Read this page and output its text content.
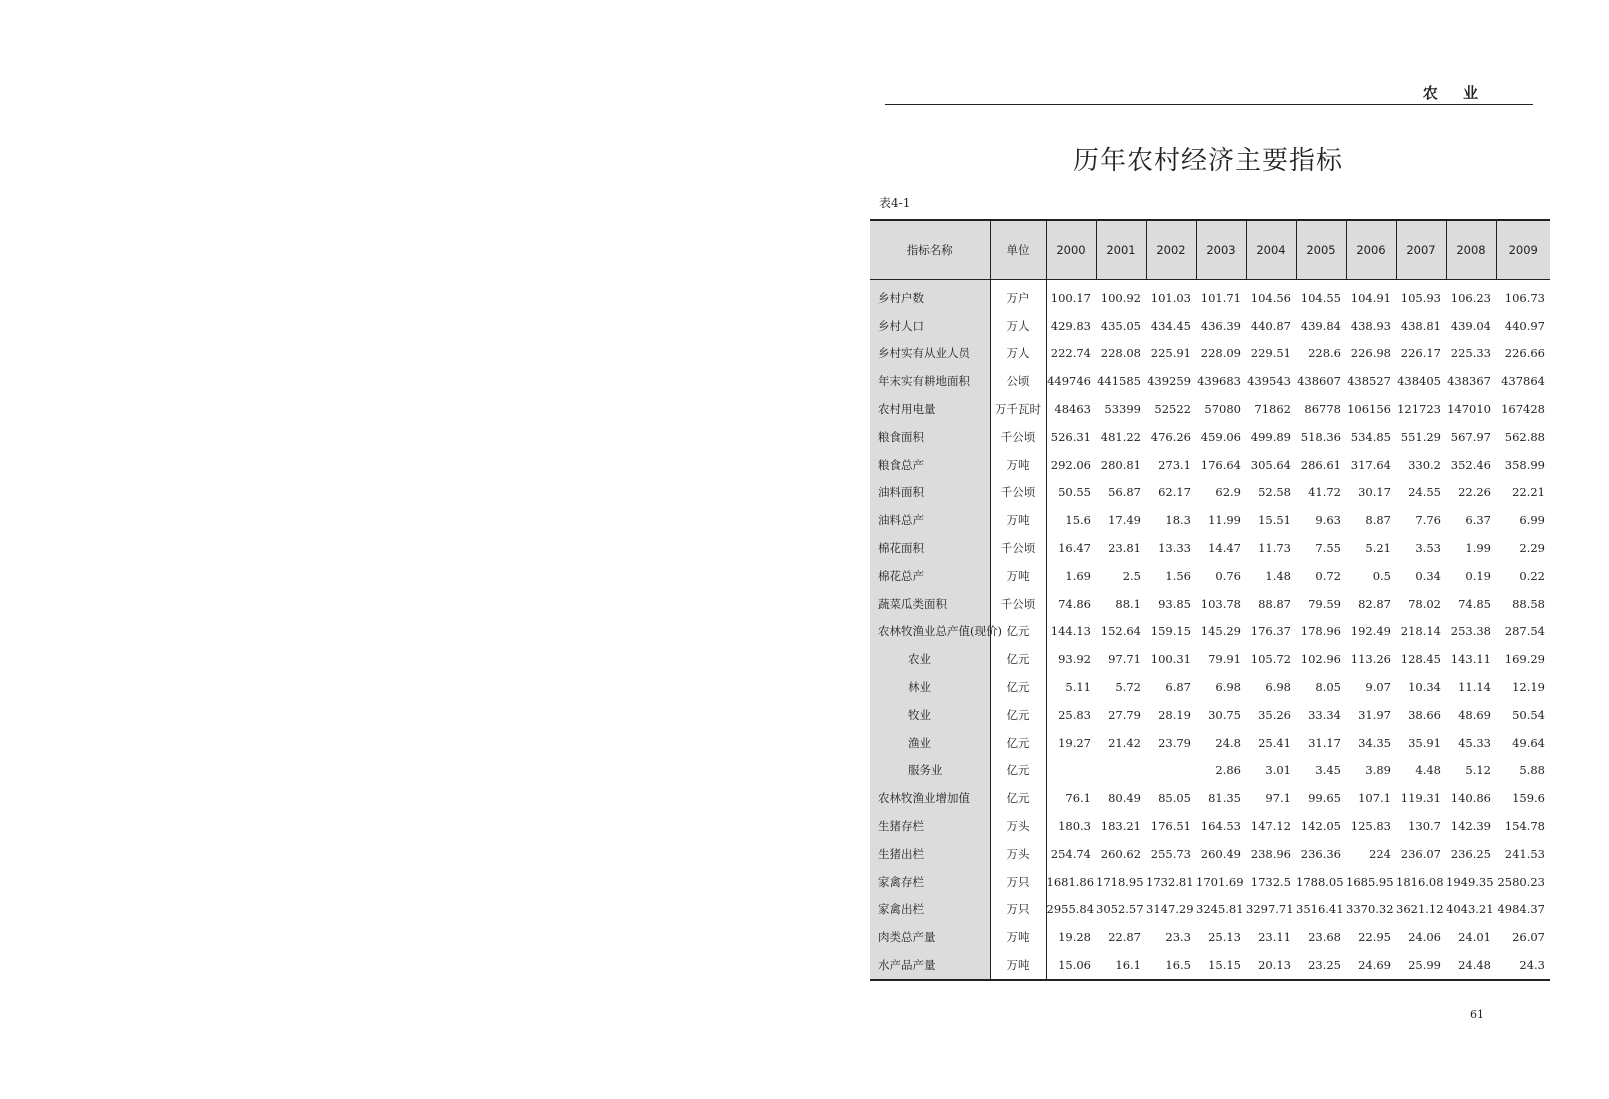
农 业
历年农村经济主要指标
表4-1
指标名称	单位	2000	2001	2002	2003	2004	2005	2006	2007	2008	2009
乡村户数	万户	100.17	100.92	101.03	101.71	104.56	104.55	104.91	105.93	106.23	106.73
乡村人口	万人	429.83	435.05	434.45	436.39	440.87	439.84	438.93	438.81	439.04	440.97
乡村实有从业人员	万人	222.74	228.08	225.91	228.09	229.51	228.6	226.98	226.17	225.33	226.66
年末实有耕地面积	公顷	449746	441585	439259	439683	439543	438607	438527	438405	438367	437864
农村用电量	万千瓦时	48463	53399	52522	57080	71862	86778	106156	121723	147010	167428
粮食面积	千公顷	526.31	481.22	476.26	459.06	499.89	518.36	534.85	551.29	567.97	562.88
粮食总产	万吨	292.06	280.81	273.1	176.64	305.64	286.61	317.64	330.2	352.46	358.99
油料面积	千公顷	50.55	56.87	62.17	62.9	52.58	41.72	30.17	24.55	22.26	22.21
油料总产	万吨	15.6	17.49	18.3	11.99	15.51	9.63	8.87	7.76	6.37	6.99
棉花面积	千公顷	16.47	23.81	13.33	14.47	11.73	7.55	5.21	3.53	1.99	2.29
棉花总产	万吨	1.69	2.5	1.56	0.76	1.48	0.72	0.5	0.34	0.19	0.22
蔬菜瓜类面积	千公顷	74.86	88.1	93.85	103.78	88.87	79.59	82.87	78.02	74.85	88.58
农林牧渔业总产值(现价)	亿元	144.13	152.64	159.15	145.29	176.37	178.96	192.49	218.14	253.38	287.54
农业	亿元	93.92	97.71	100.31	79.91	105.72	102.96	113.26	128.45	143.11	169.29
林业	亿元	5.11	5.72	6.87	6.98	6.98	8.05	9.07	10.34	11.14	12.19
牧业	亿元	25.83	27.79	28.19	30.75	35.26	33.34	31.97	38.66	48.69	50.54
渔业	亿元	19.27	21.42	23.79	24.8	25.41	31.17	34.35	35.91	45.33	49.64
服务业	亿元				2.86	3.01	3.45	3.89	4.48	5.12	5.88
农林牧渔业增加值	亿元	76.1	80.49	85.05	81.35	97.1	99.65	107.1	119.31	140.86	159.6
生猪存栏	万头	180.3	183.21	176.51	164.53	147.12	142.05	125.83	130.7	142.39	154.78
生猪出栏	万头	254.74	260.62	255.73	260.49	238.96	236.36	224	236.07	236.25	241.53
家禽存栏	万只	1681.86	1718.95	1732.81	1701.69	1732.5	1788.05	1685.95	1816.08	1949.35	2580.23
家禽出栏	万只	2955.84	3052.57	3147.29	3245.81	3297.71	3516.41	3370.32	3621.12	4043.21	4984.37
肉类总产量	万吨	19.28	22.87	23.3	25.13	23.11	23.68	22.95	24.06	24.01	26.07
水产品产量	万吨	15.06	16.1	16.5	15.15	20.13	23.25	24.69	25.99	24.48	24.3
61
